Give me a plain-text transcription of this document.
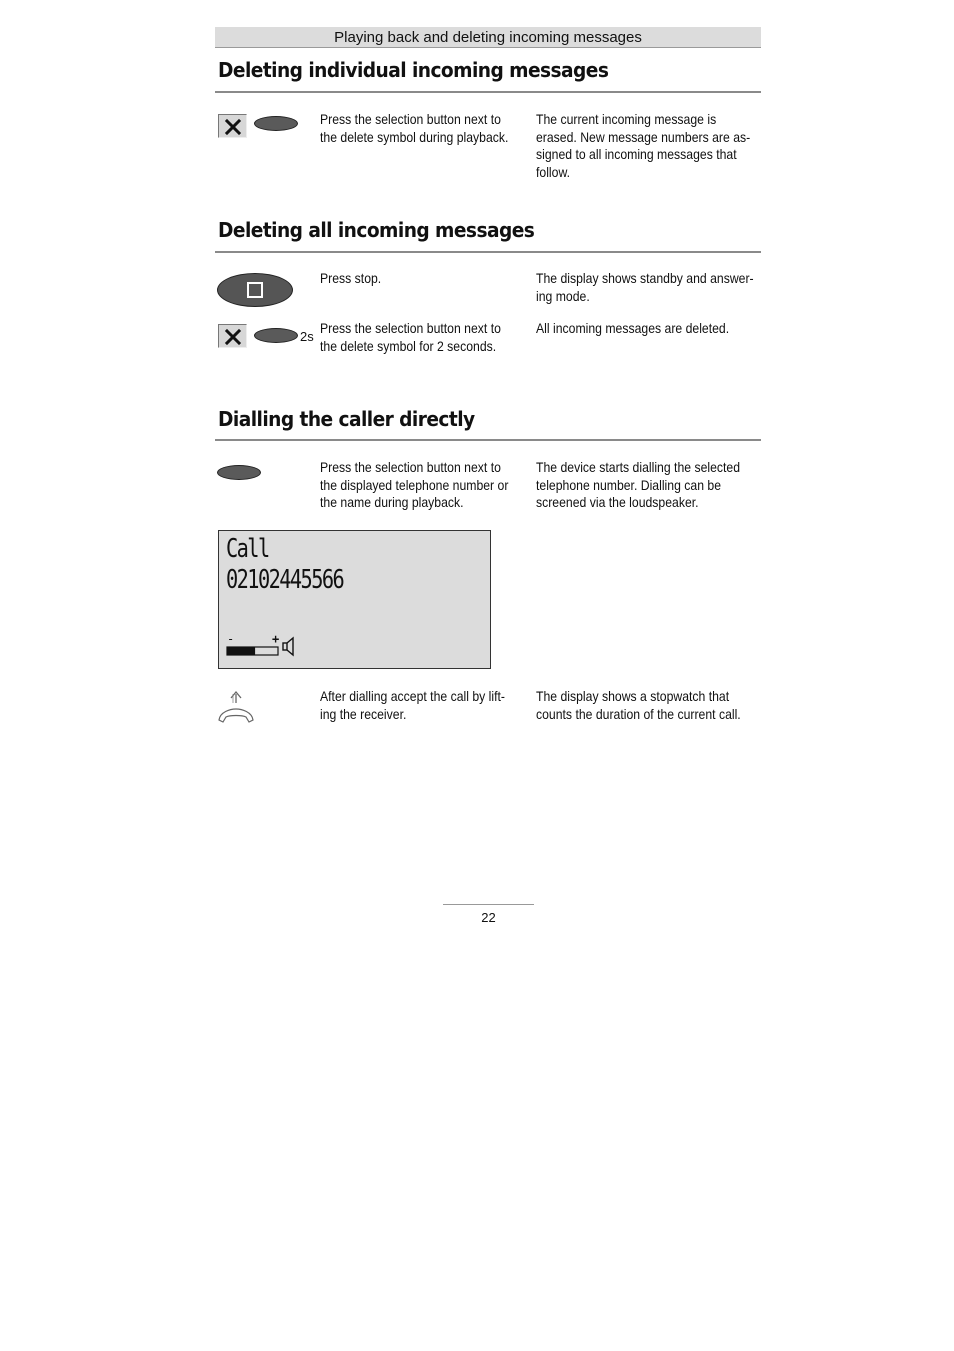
Playing back and deleting incoming messages
Deleting individual incoming messages
Press the selection button next to
the delete symbol during playback.
The current incoming message is
erased. New message numbers are as-
signed to all incoming messages that
follow.
Deleting all incoming messages
Press stop.	The display shows standby and answer-
ing mode.
2s
Press the selection button next to
the delete symbol for 2 seconds.
All incoming messages are deleted.
Dialling the caller directly
Press the selection button next to
the displayed telephone number or
the name during playback.
The device starts dialling the selected
telephone number. Dialling can be
screened via the loudspeaker.
Call
02102445566
-	+
After dialling accept the call by lift-
ing the receiver.
The display shows a stopwatch that
counts the duration of the current call.
22
